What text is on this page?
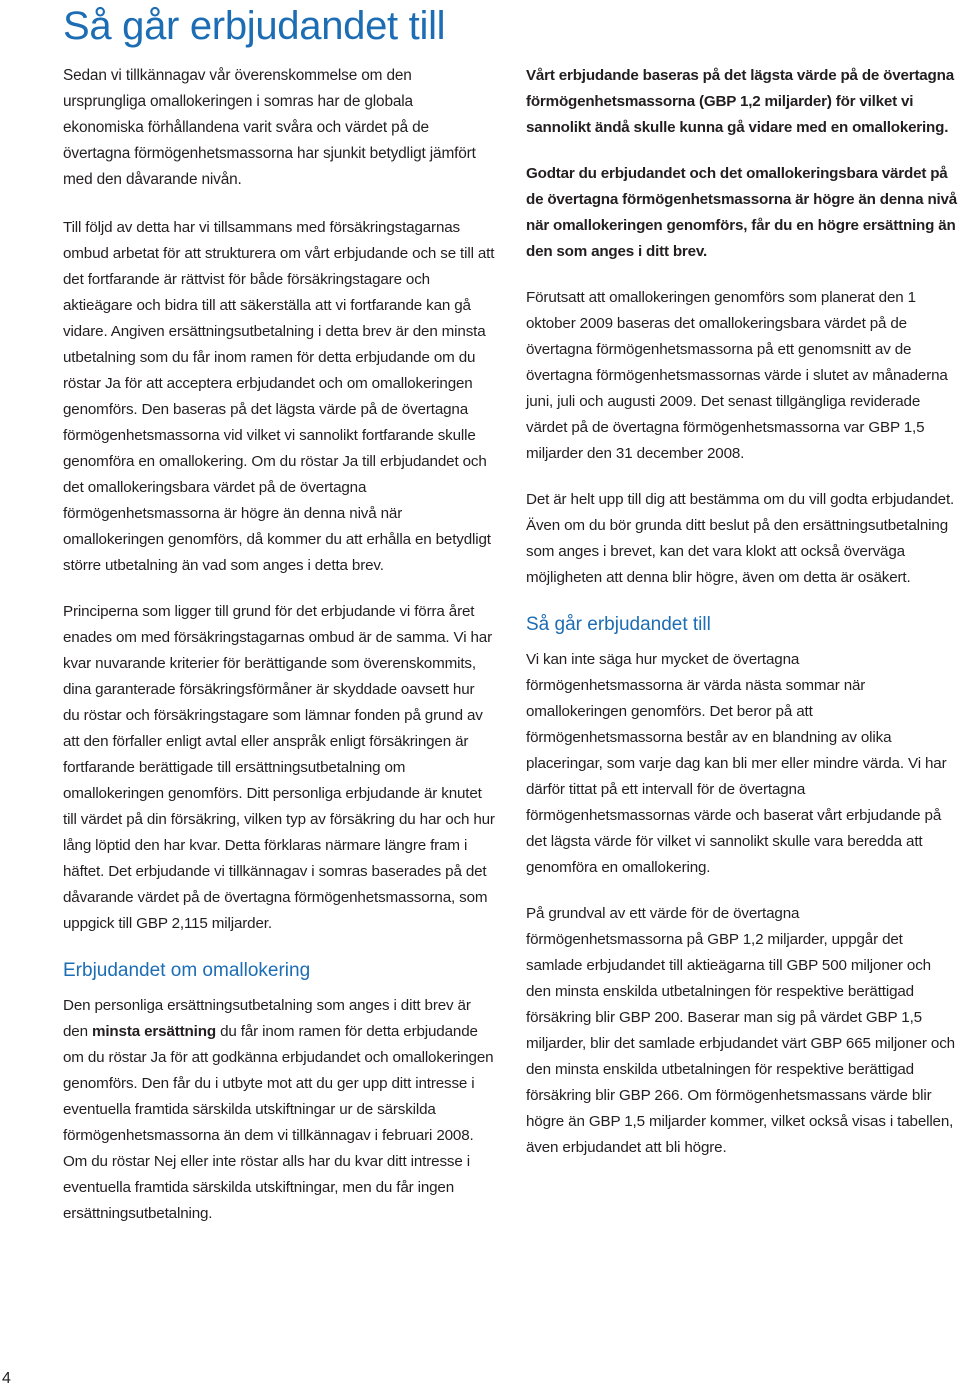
Så går erbjudandet till

Sedan vi tillkännagav vår överenskommelse om den ursprungliga omallokeringen i somras har de globala ekonomiska förhållandena varit svåra och värdet på de övertagna förmögenhetsmassorna har sjunkit betydligt jämfört med den dåvarande nivån.

Till följd av detta har vi tillsammans med försäkringstagarnas ombud arbetat för att strukturera om vårt erbjudande och se till att det fortfarande är rättvist för både försäkringstagare och aktieägare och bidra till att säkerställa att vi fortfarande kan gå vidare. Angiven ersättningsutbetalning i detta brev är den minsta utbetalning som du får inom ramen för detta erbjudande om du röstar Ja för att acceptera erbjudandet och om omallokeringen genomförs. Den baseras på det lägsta värde på de övertagna förmögenhetsmassorna vid vilket vi sannolikt fortfarande skulle genomföra en omallokering. Om du röstar Ja till erbjudandet och det omallokeringsbara värdet på de övertagna förmögenhetsmassorna är högre än denna nivå när omallokeringen genomförs, då kommer du att erhålla en betydligt större utbetalning än vad som anges i detta brev.

Principerna som ligger till grund för det erbjudande vi förra året enades om med försäkringstagarnas ombud är de samma. Vi har kvar nuvarande kriterier för berättigande som överenskommits, dina garanterade försäkringsförmåner är skyddade oavsett hur du röstar och försäkringstagare som lämnar fonden på grund av att den förfaller enligt avtal eller anspråk enligt försäkringen är fortfarande berättigade till ersättningsutbetalning om omallokeringen genomförs. Ditt personliga erbjudande är knutet till värdet på din försäkring, vilken typ av försäkring du har och hur lång löptid den har kvar. Detta förklaras närmare längre fram i häftet. Det erbjudande vi tillkännagav i somras baserades på det dåvarande värdet på de övertagna förmögenhetsmassorna, som uppgick till GBP 2,115 miljarder.

Erbjudandet om omallokering

Den personliga ersättningsutbetalning som anges i ditt brev är den minsta ersättning du får inom ramen för detta erbjudande om du röstar Ja för att godkänna erbjudandet och omallokeringen genomförs. Den får du i utbyte mot att du ger upp ditt intresse i eventuella framtida särskilda utskiftningar ur de särskilda förmögenhetsmassorna än dem vi tillkännagav i februari 2008. Om du röstar Nej eller inte röstar alls har du kvar ditt intresse i eventuella framtida särskilda utskiftningar, men du får ingen ersättningsutbetalning.

Vårt erbjudande baseras på det lägsta värde på de övertagna förmögenhetsmassorna (GBP 1,2 miljarder) för vilket vi sannolikt ändå skulle kunna gå vidare med en omallokering.

Godtar du erbjudandet och det omallokeringsbara värdet på de övertagna förmögenhetsmassorna är högre än denna nivå när omallokeringen genomförs, får du en högre ersättning än den som anges i ditt brev.

Förutsatt att omallokeringen genomförs som planerat den 1 oktober 2009 baseras det omallokeringsbara värdet på de övertagna förmögenhetsmassorna på ett genomsnitt av de övertagna förmögenhetsmassornas värde i slutet av månaderna juni, juli och augusti 2009. Det senast tillgängliga reviderade värdet på de övertagna förmögenhetsmassorna var GBP 1,5 miljarder den 31 december 2008.

Det är helt upp till dig att bestämma om du vill godta erbjudandet. Även om du bör grunda ditt beslut på den ersättningsutbetalning som anges i brevet, kan det vara klokt att också överväga möjligheten att denna blir högre, även om detta är osäkert.

Så går erbjudandet till

Vi kan inte säga hur mycket de övertagna förmögenhetsmassorna är värda nästa sommar när omallokeringen genomförs. Det beror på att förmögenhetsmassorna består av en blandning av olika placeringar, som varje dag kan bli mer eller mindre värda. Vi har därför tittat på ett intervall för de övertagna förmögenhetsmassornas värde och baserat vårt erbjudande på det lägsta värde för vilket vi sannolikt skulle vara beredda att genomföra en omallokering.

På grundval av ett värde för de övertagna förmögenhetsmassorna på GBP 1,2 miljarder, uppgår det samlade erbjudandet till aktieägarna till GBP 500 miljoner och den minsta enskilda utbetalningen för respektive berättigad försäkring blir GBP 200. Baserar man sig på värdet GBP 1,5 miljarder, blir det samlade erbjudandet värt GBP 665 miljoner och den minsta enskilda utbetalningen för respektive berättigad försäkring blir GBP 266. Om förmögenhetsmassans värde blir högre än GBP 1,5 miljarder kommer, vilket också visas i tabellen, även erbjudandet att bli högre.

4
